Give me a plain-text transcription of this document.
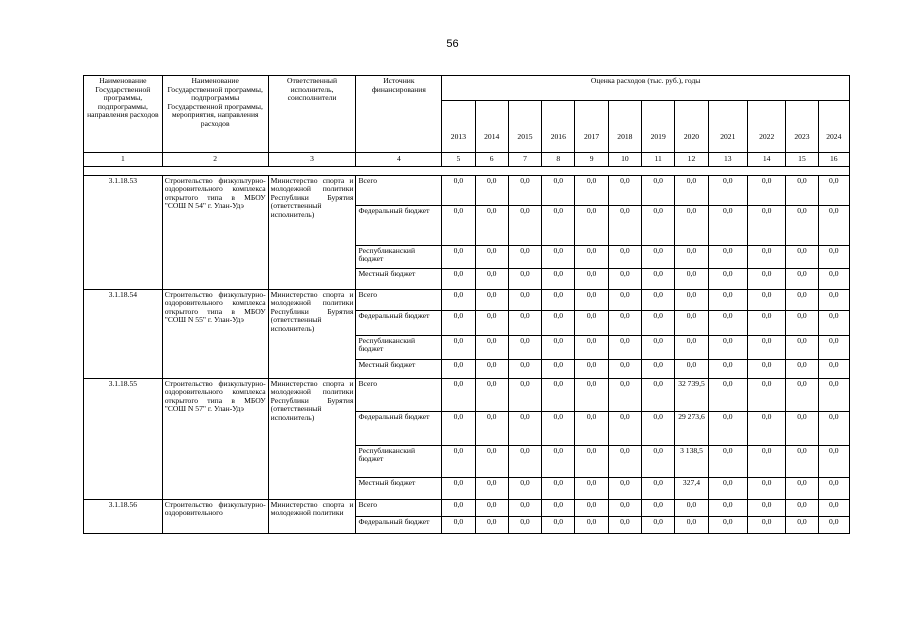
56
Наименование Государственной программы, подпрограммы, направления расходов	Наименование Государственной программы, подпрограммы Государственной программы, мероприятия, направления расходов	Ответственный исполнитель, соисполнители	Источник финансирования	Оценка расходов (тыс. руб.), годы											
				2013	2014	2015	2016	2017	2018	2019	2020	2021	2022	2023	2024
1	2	3	4	5	6	7	8	9	10	11	12	13	14	15	16

3.1.18.53	Строительство физкультурно-оздоровительного комплекса открытого типа в МБОУ "СОШ N 54" г. Улан-Удэ	Министерство спорта и молодежной политики Республики Бурятия (ответственный исполнитель)	Всего	0,0	0,0	0,0	0,0	0,0	0,0	0,0	0,0	0,0	0,0	0,0	0,0
			Федеральный бюджет	0,0	0,0	0,0	0,0	0,0	0,0	0,0	0,0	0,0	0,0	0,0	0,0
			Республиканский бюджет	0,0	0,0	0,0	0,0	0,0	0,0	0,0	0,0	0,0	0,0	0,0	0,0
			Местный бюджет	0,0	0,0	0,0	0,0	0,0	0,0	0,0	0,0	0,0	0,0	0,0	0,0
3.1.18.54	Строительство физкультурно-оздоровительного комплекса открытого типа в МБОУ "СОШ N 55" г. Улан-Удэ	Министерство спорта и молодежной политики Республики Бурятия (ответственный исполнитель)	Всего	0,0	0,0	0,0	0,0	0,0	0,0	0,0	0,0	0,0	0,0	0,0	0,0
			Федеральный бюджет	0,0	0,0	0,0	0,0	0,0	0,0	0,0	0,0	0,0	0,0	0,0	0,0
			Республиканский бюджет	0,0	0,0	0,0	0,0	0,0	0,0	0,0	0,0	0,0	0,0	0,0	0,0
			Местный бюджет	0,0	0,0	0,0	0,0	0,0	0,0	0,0	0,0	0,0	0,0	0,0	0,0
3.1.18.55	Строительство физкультурно-оздоровительного комплекса открытого типа в МБОУ "СОШ N 57" г. Улан-Удэ	Министерство спорта и молодежной политики Республики Бурятия (ответственный исполнитель)	Всего	0,0	0,0	0,0	0,0	0,0	0,0	0,0	32 739,5	0,0	0,0	0,0	0,0
			Федеральный бюджет	0,0	0,0	0,0	0,0	0,0	0,0	0,0	29 273,6	0,0	0,0	0,0	0,0
			Республиканский бюджет	0,0	0,0	0,0	0,0	0,0	0,0	0,0	3 138,5	0,0	0,0	0,0	0,0
			Местный бюджет	0,0	0,0	0,0	0,0	0,0	0,0	0,0	327,4	0,0	0,0	0,0	0,0
3.1.18.56	Строительство физкультурно-оздоровительного	Министерство спорта и молодежной политики	Всего	0,0	0,0	0,0	0,0	0,0	0,0	0,0	0,0	0,0	0,0	0,0	0,0
			Федеральный бюджет	0,0	0,0	0,0	0,0	0,0	0,0	0,0	0,0	0,0	0,0	0,0	0,0
